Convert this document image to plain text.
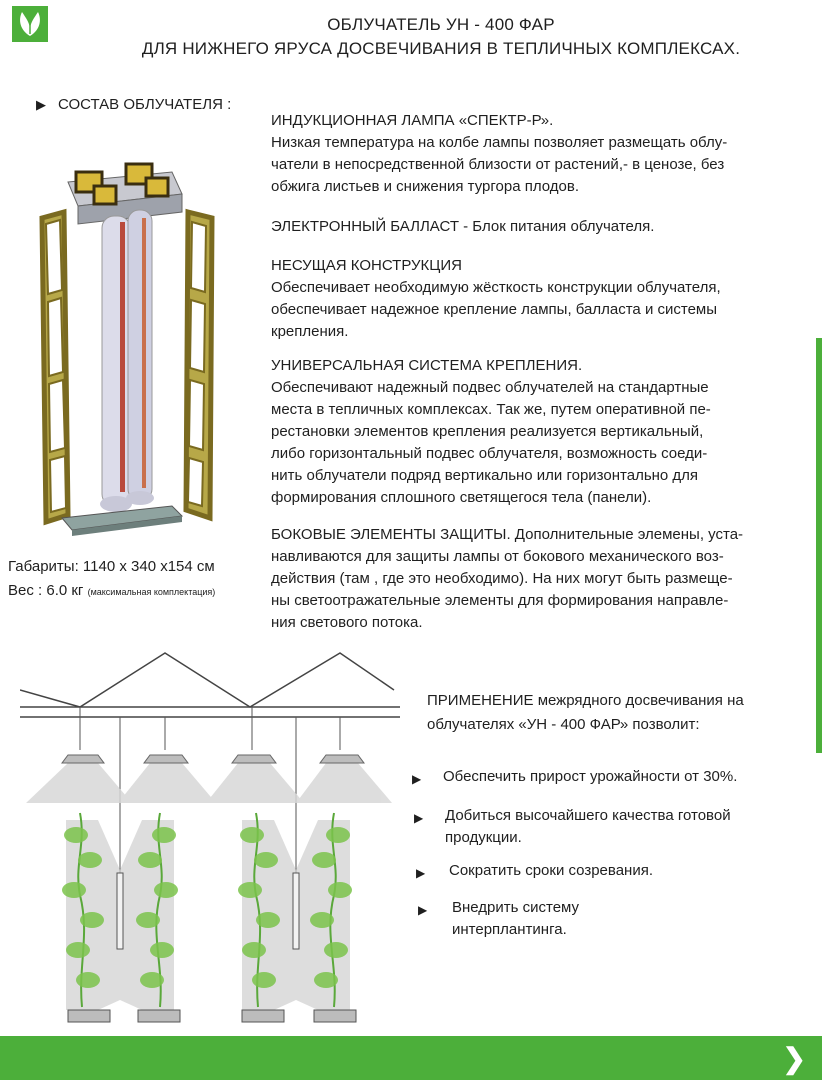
ОБЛУЧАТЕЛЬ УН - 400 ФАР
ДЛЯ НИЖНЕГО ЯРУСА ДОСВЕЧИВАНИЯ В ТЕПЛИЧНЫХ КОМПЛЕКСАХ.
▶ СОСТАВ ОБЛУЧАТЕЛЯ :
ИНДУКЦИОННАЯ ЛАМПА «СПЕКТР-Р».
Низкая температура на колбе лампы позволяет размещать облу-
чатели в непосредственной близости от растений,- в ценозе, без
обжига листьев и снижения тургора плодов.
ЭЛЕКТРОННЫЙ БАЛЛАСТ - Блок питания облучателя.
НЕСУЩАЯ КОНСТРУКЦИЯ
Обеспечивает необходимую жёсткость конструкции облучателя,
обеспечивает надежное крепление лампы, балласта и системы
крепления.
УНИВЕРСАЛЬНАЯ СИСТЕМА КРЕПЛЕНИЯ.
Обеспечивают надежный подвес облучателей на стандартные
места в тепличных комплексах. Так же, путем оперативной пе-
рестановки элементов крепления реализуется вертикальный,
либо горизонтальный подвес облучателя, возможность соеди-
нить облучатели подряд вертикально или горизонтально для
формирования сплошного светящегося тела (панели).
БОКОВЫЕ ЭЛЕМЕНТЫ ЗАЩИТЫ. Дополнительные элемены, уста-
навливаются для защиты лампы от бокового механического воз-
действия (там , где это необходимо). На них могут быть размеще-
ны светоотражательные элементы для формирования направле-
ния светового потока.
Габариты: 1140 х 340 х154 см
Вес : 6.0 кг (максимальная комплектация)
ПРИМЕНЕНИЕ межрядного досвечивания на
облучателях «УН - 400 ФАР» позволит:
▶	Обеспечить прирост урожайности от 30%.
▶	Добиться высочайшего качества готовой
продукции.
▶	Сократить сроки созревания.
▶	Внедрить систему
интерплантинга.
❯
